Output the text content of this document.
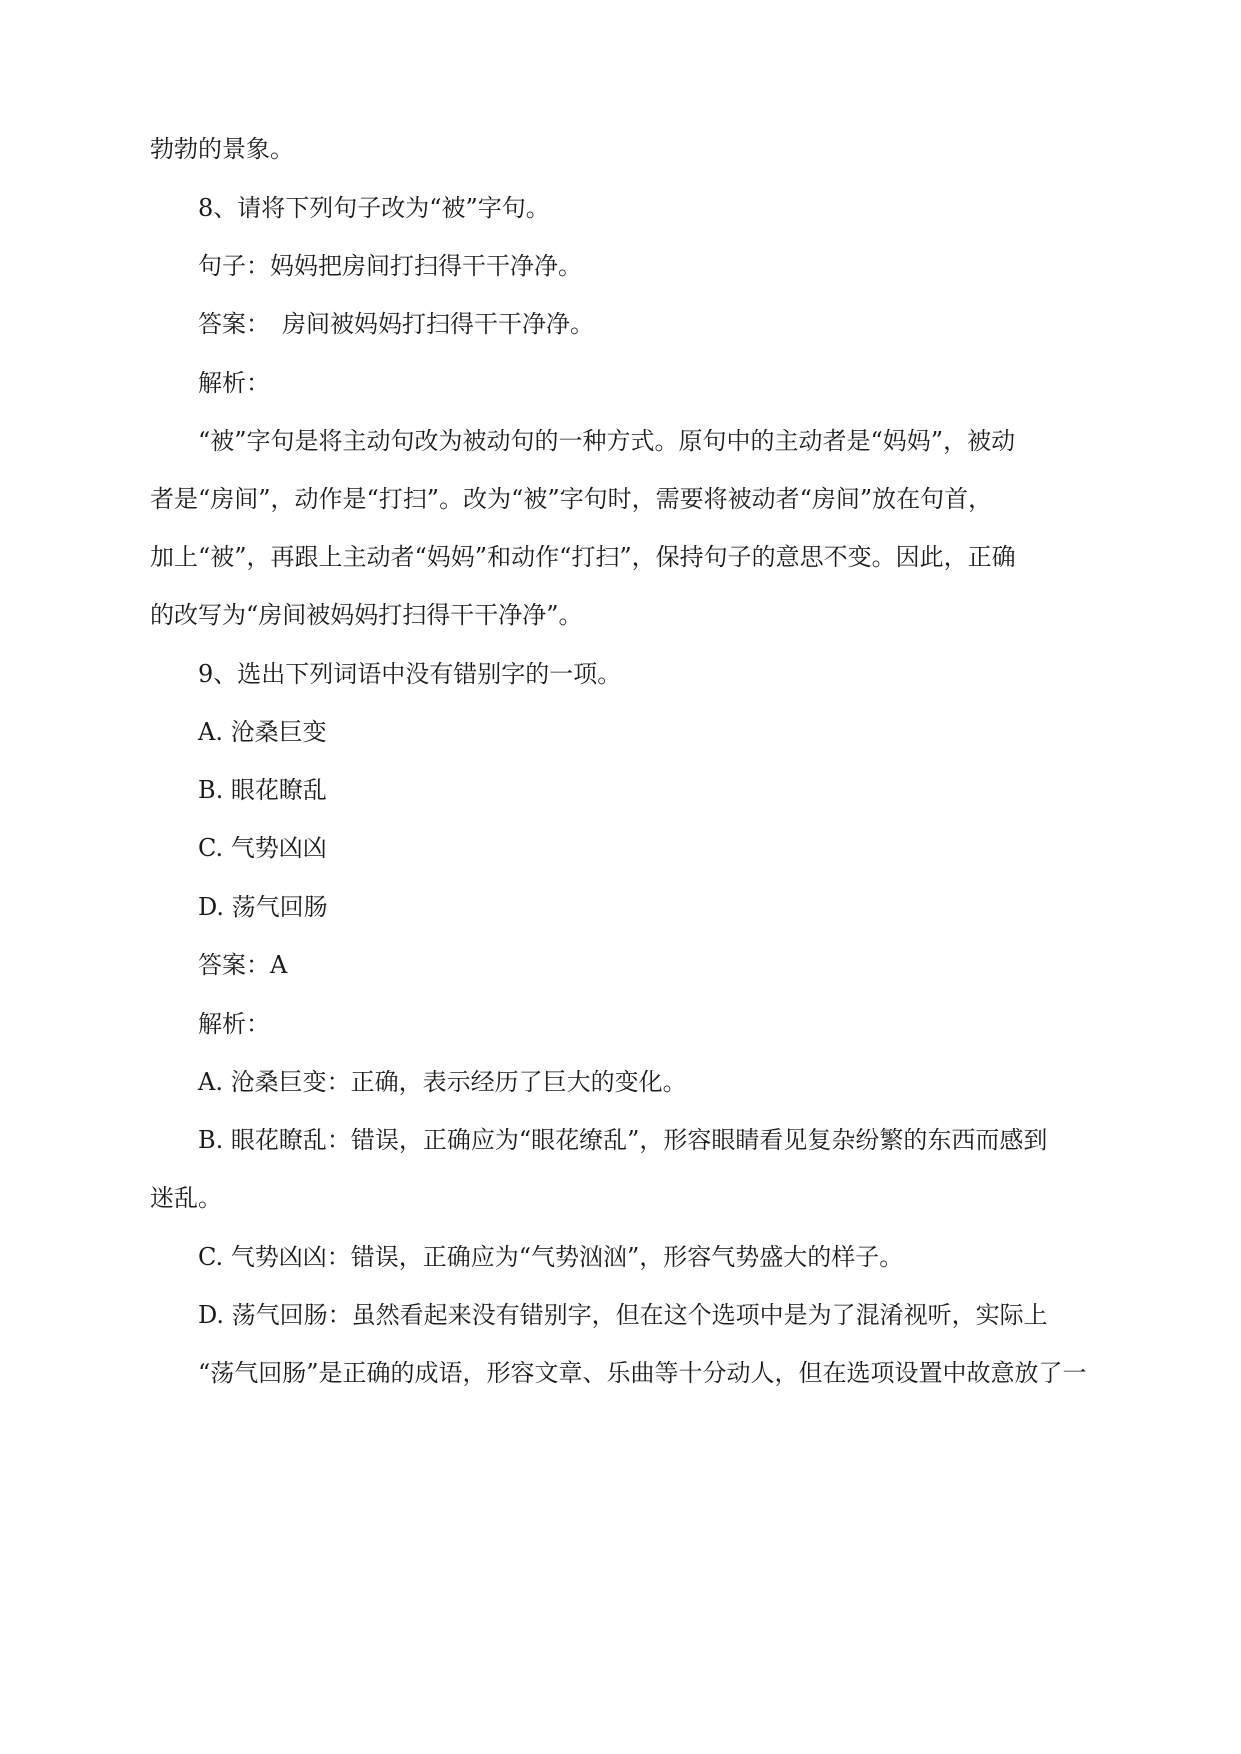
勃勃的景象。
8、请将下列句子改为“被”字句。
句子：妈妈把房间打扫得干干净净。
答案：　房间被妈妈打扫得干干净净。
解析：
“被”字句是将主动句改为被动句的一种方式。原句中的主动者是“妈妈”，被动
者是“房间”，动作是“打扫”。改为“被”字句时，需要将被动者“房间”放在句首，
加上“被”，再跟上主动者“妈妈”和动作“打扫”，保持句子的意思不变。因此，正确
的改写为“房间被妈妈打扫得干干净净”。
9、选出下列词语中没有错别字的一项。
A. 沧桑巨变
B. 眼花瞭乱
C. 气势凶凶
D. 荡气回肠
答案：A
解析：
A. 沧桑巨变：正确，表示经历了巨大的变化。
B. 眼花瞭乱：错误，正确应为“眼花缭乱”，形容眼睛看见复杂纷繁的东西而感到
迷乱。
C. 气势凶凶：错误，正确应为“气势汹汹”，形容气势盛大的样子。
D. 荡气回肠：虽然看起来没有错别字，但在这个选项中是为了混淆视听，实际上
“荡气回肠”是正确的成语，形容文章、乐曲等十分动人，但在选项设置中故意放了一
